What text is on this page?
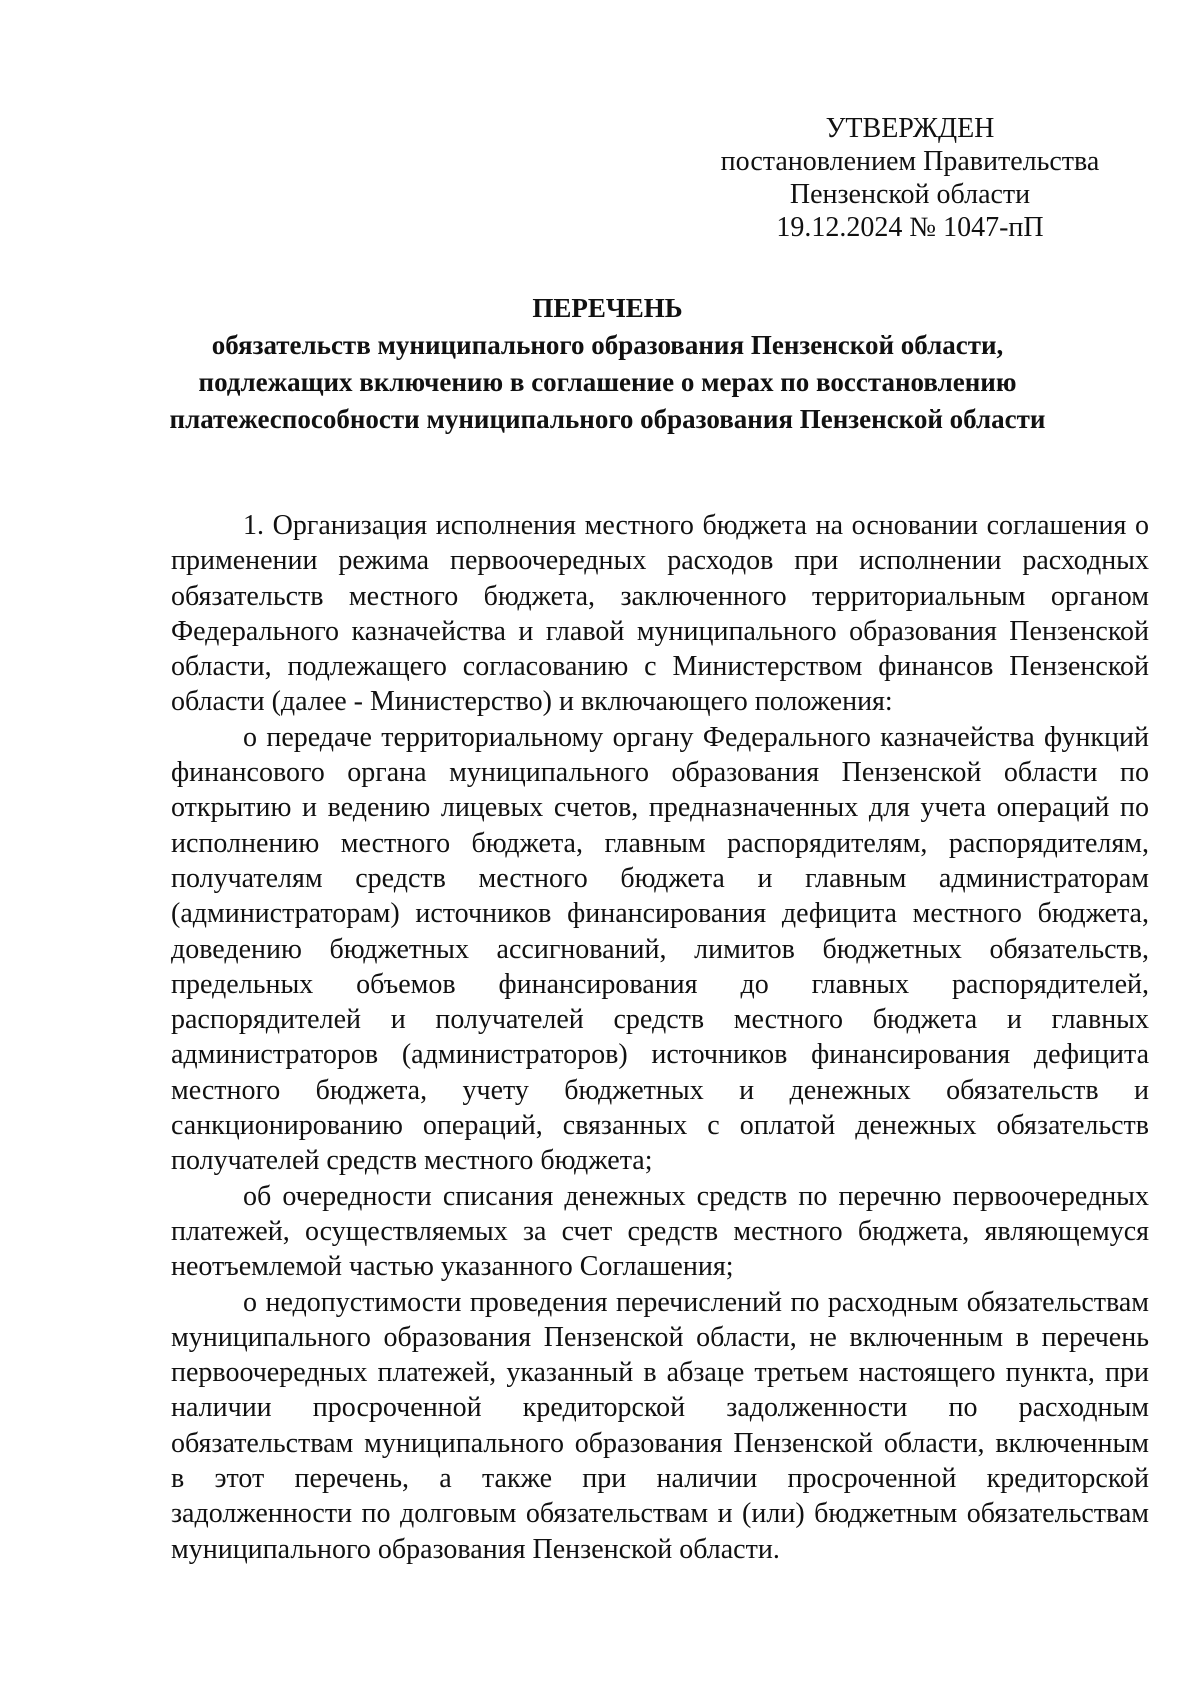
УТВЕРЖДЕН
постановлением Правительства
Пензенской области
19.12.2024 № 1047-пП
ПЕРЕЧЕНЬ
обязательств муниципального образования Пензенской области,
подлежащих включению в соглашение о мерах по восстановлению
платежеспособности муниципального образования Пензенской области

1. Организация исполнения местного бюджета на основании соглашения о применении режима первоочередных расходов при исполнении расходных обязательств местного бюджета, заключенного территориальным органом Федерального казначейства и главой муниципального образования Пензенской области, подлежащего согласованию с Министерством финансов Пензенской области (далее - Министерство) и включающего положения:

о передаче территориальному органу Федерального казначейства функций финансового органа муниципального образования Пензенской области по открытию и ведению лицевых счетов, предназначенных для учета операций по исполнению местного бюджета, главным распорядителям, распорядителям, получателям средств местного бюджета и главным администраторам (администраторам) источников финансирования дефицита местного бюджета, доведению бюджетных ассигнований, лимитов бюджетных обязательств, предельных объемов финансирования до главных распорядителей, распорядителей и получателей средств местного бюджета и главных администраторов (администраторов) источников финансирования дефицита местного бюджета, учету бюджетных и денежных обязательств и санкционированию операций, связанных с оплатой денежных обязательств получателей средств местного бюджета;

об очередности списания денежных средств по перечню первоочередных платежей, осуществляемых за счет средств местного бюджета, являющемуся неотъемлемой частью указанного Соглашения;

о недопустимости проведения перечислений по расходным обязательствам муниципального образования Пензенской области, не включенным в перечень первоочередных платежей, указанный в абзаце третьем настоящего пункта, при наличии просроченной кредиторской задолженности по расходным обязательствам муниципального образования Пензенской области, включенным в этот перечень, а также при наличии просроченной кредиторской задолженности по долговым обязательствам и (или) бюджетным обязательствам муниципального образования Пензенской области.
